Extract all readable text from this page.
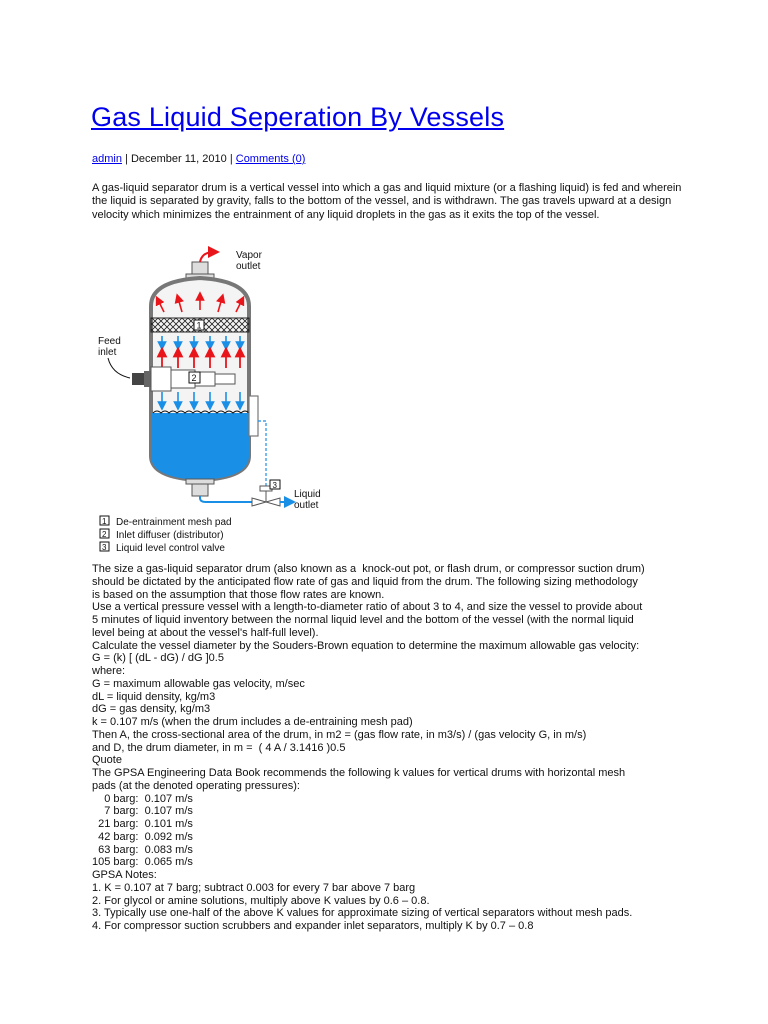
Gas Liquid Seperation By Vessels
admin | December 11, 2010 | Comments (0)

A gas-liquid separator drum is a vertical vessel into which a gas and liquid mixture (or a flashing liquid) is fed and wherein the liquid is separated by gravity, falls to the bottom of the vessel, and is withdrawn. The gas travels upward at a design velocity which minimizes the entrainment of any liquid droplets in the gas as it exits the top of the vessel.

Vapor
outlet
1
2
Feed
inlet
3
Liquid
outlet
1 De-entrainment mesh pad
2 Inlet diffuser (distributor)
3 Liquid level control valve
The size a gas-liquid separator drum (also known as a  knock-out pot, or flash drum, or compressor suction drum)
should be dictated by the anticipated flow rate of gas and liquid from the drum. The following sizing methodology
is based on the assumption that those flow rates are known.
Use a vertical pressure vessel with a length-to-diameter ratio of about 3 to 4, and size the vessel to provide about
5 minutes of liquid inventory between the normal liquid level and the bottom of the vessel (with the normal liquid
level being at about the vessel's half-full level).
Calculate the vessel diameter by the Souders-Brown equation to determine the maximum allowable gas velocity:
G = (k) [ (dL - dG) / dG ]0.5
where:
G = maximum allowable gas velocity, m/sec
dL = liquid density, kg/m3
dG = gas density, kg/m3
k = 0.107 m/s (when the drum includes a de-entraining mesh pad)
Then A, the cross-sectional area of the drum, in m2 = (gas flow rate, in m3/s) / (gas velocity G, in m/s)
and D, the drum diameter, in m =  ( 4 A / 3.1416 )0.5
Quote
The GPSA Engineering Data Book recommends the following k values for vertical drums with horizontal mesh
pads (at the denoted operating pressures):
0 barg:  0.107 m/s
7 barg:  0.107 m/s
21 barg:  0.101 m/s
42 barg:  0.092 m/s
63 barg:  0.083 m/s
105 barg:  0.065 m/s
GPSA Notes:
1. K = 0.107 at 7 barg; subtract 0.003 for every 7 bar above 7 barg
2. For glycol or amine solutions, multiply above K values by 0.6 – 0.8.
3. Typically use one-half of the above K values for approximate sizing of vertical separators without mesh pads.
4. For compressor suction scrubbers and expander inlet separators, multiply K by 0.7 – 0.8
